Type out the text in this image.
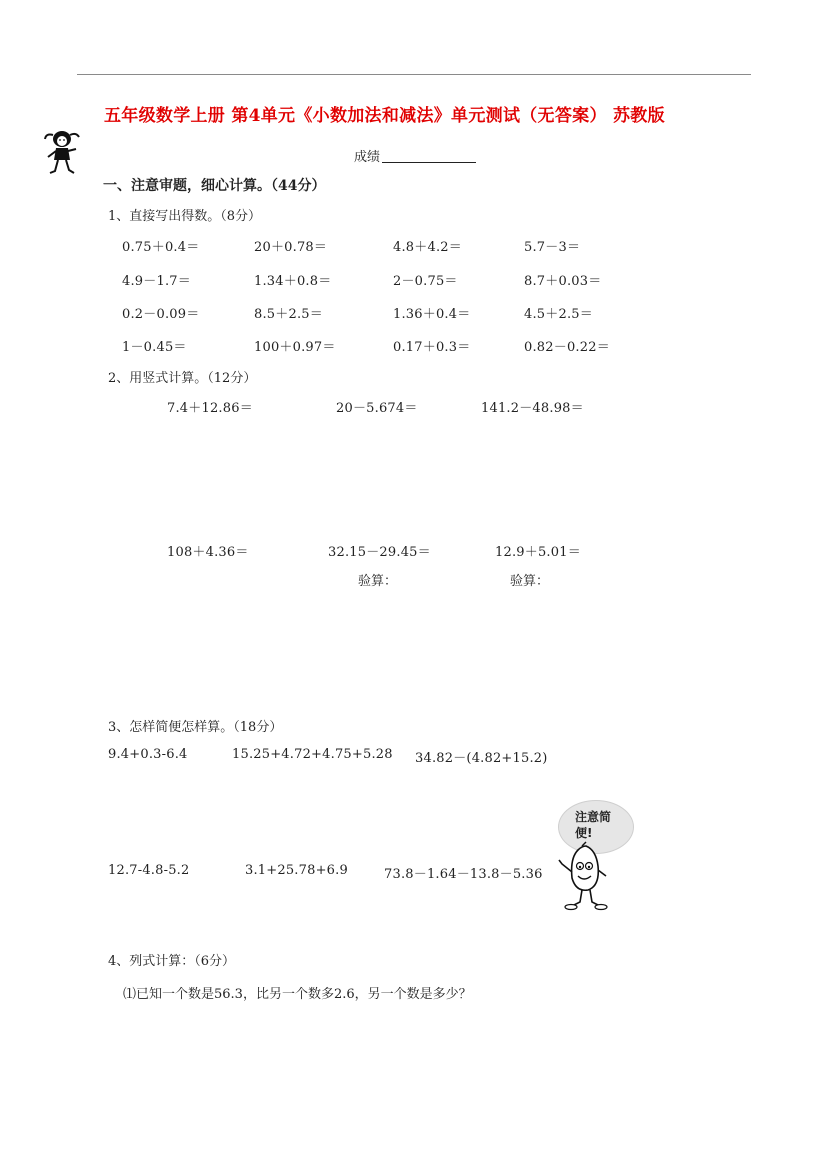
五年级数学上册 第4单元《小数加法和减法》单元测试（无答案） 苏教版
成绩
一、注意审题，细心计算。（44分）
1、直接写出得数。（8分）
0.75＋0.4＝	20＋0.78＝	4.8＋4.2＝	5.7－3＝
4.9－1.7＝	1.34＋0.8＝	2－0.75＝	8.7＋0.03＝
0.2－0.09＝	8.5＋2.5＝	1.36＋0.4＝	4.5＋2.5＝
1－0.45＝	100＋0.97＝	0.17＋0.3＝	0.82－0.22＝
2、用竖式计算。（12分）
7.4＋12.86＝	20－5.674＝	141.2－48.98＝
108＋4.36＝	32.15－29.45＝	12.9＋5.01＝
验算：	验算：
3、怎样简便怎样算。（18分）
9.4+0.3-6.4	15.25+4.72+4.75+5.28 34.82－(4.82+15.2)
注意简便!
12.7-4.8-5.2	3.1+25.78+6.9	73.8－1.64－13.8－5.36
4、列式计算：（6分）
⑴已知一个数是56.3，比另一个数多2.6，另一个数是多少？
